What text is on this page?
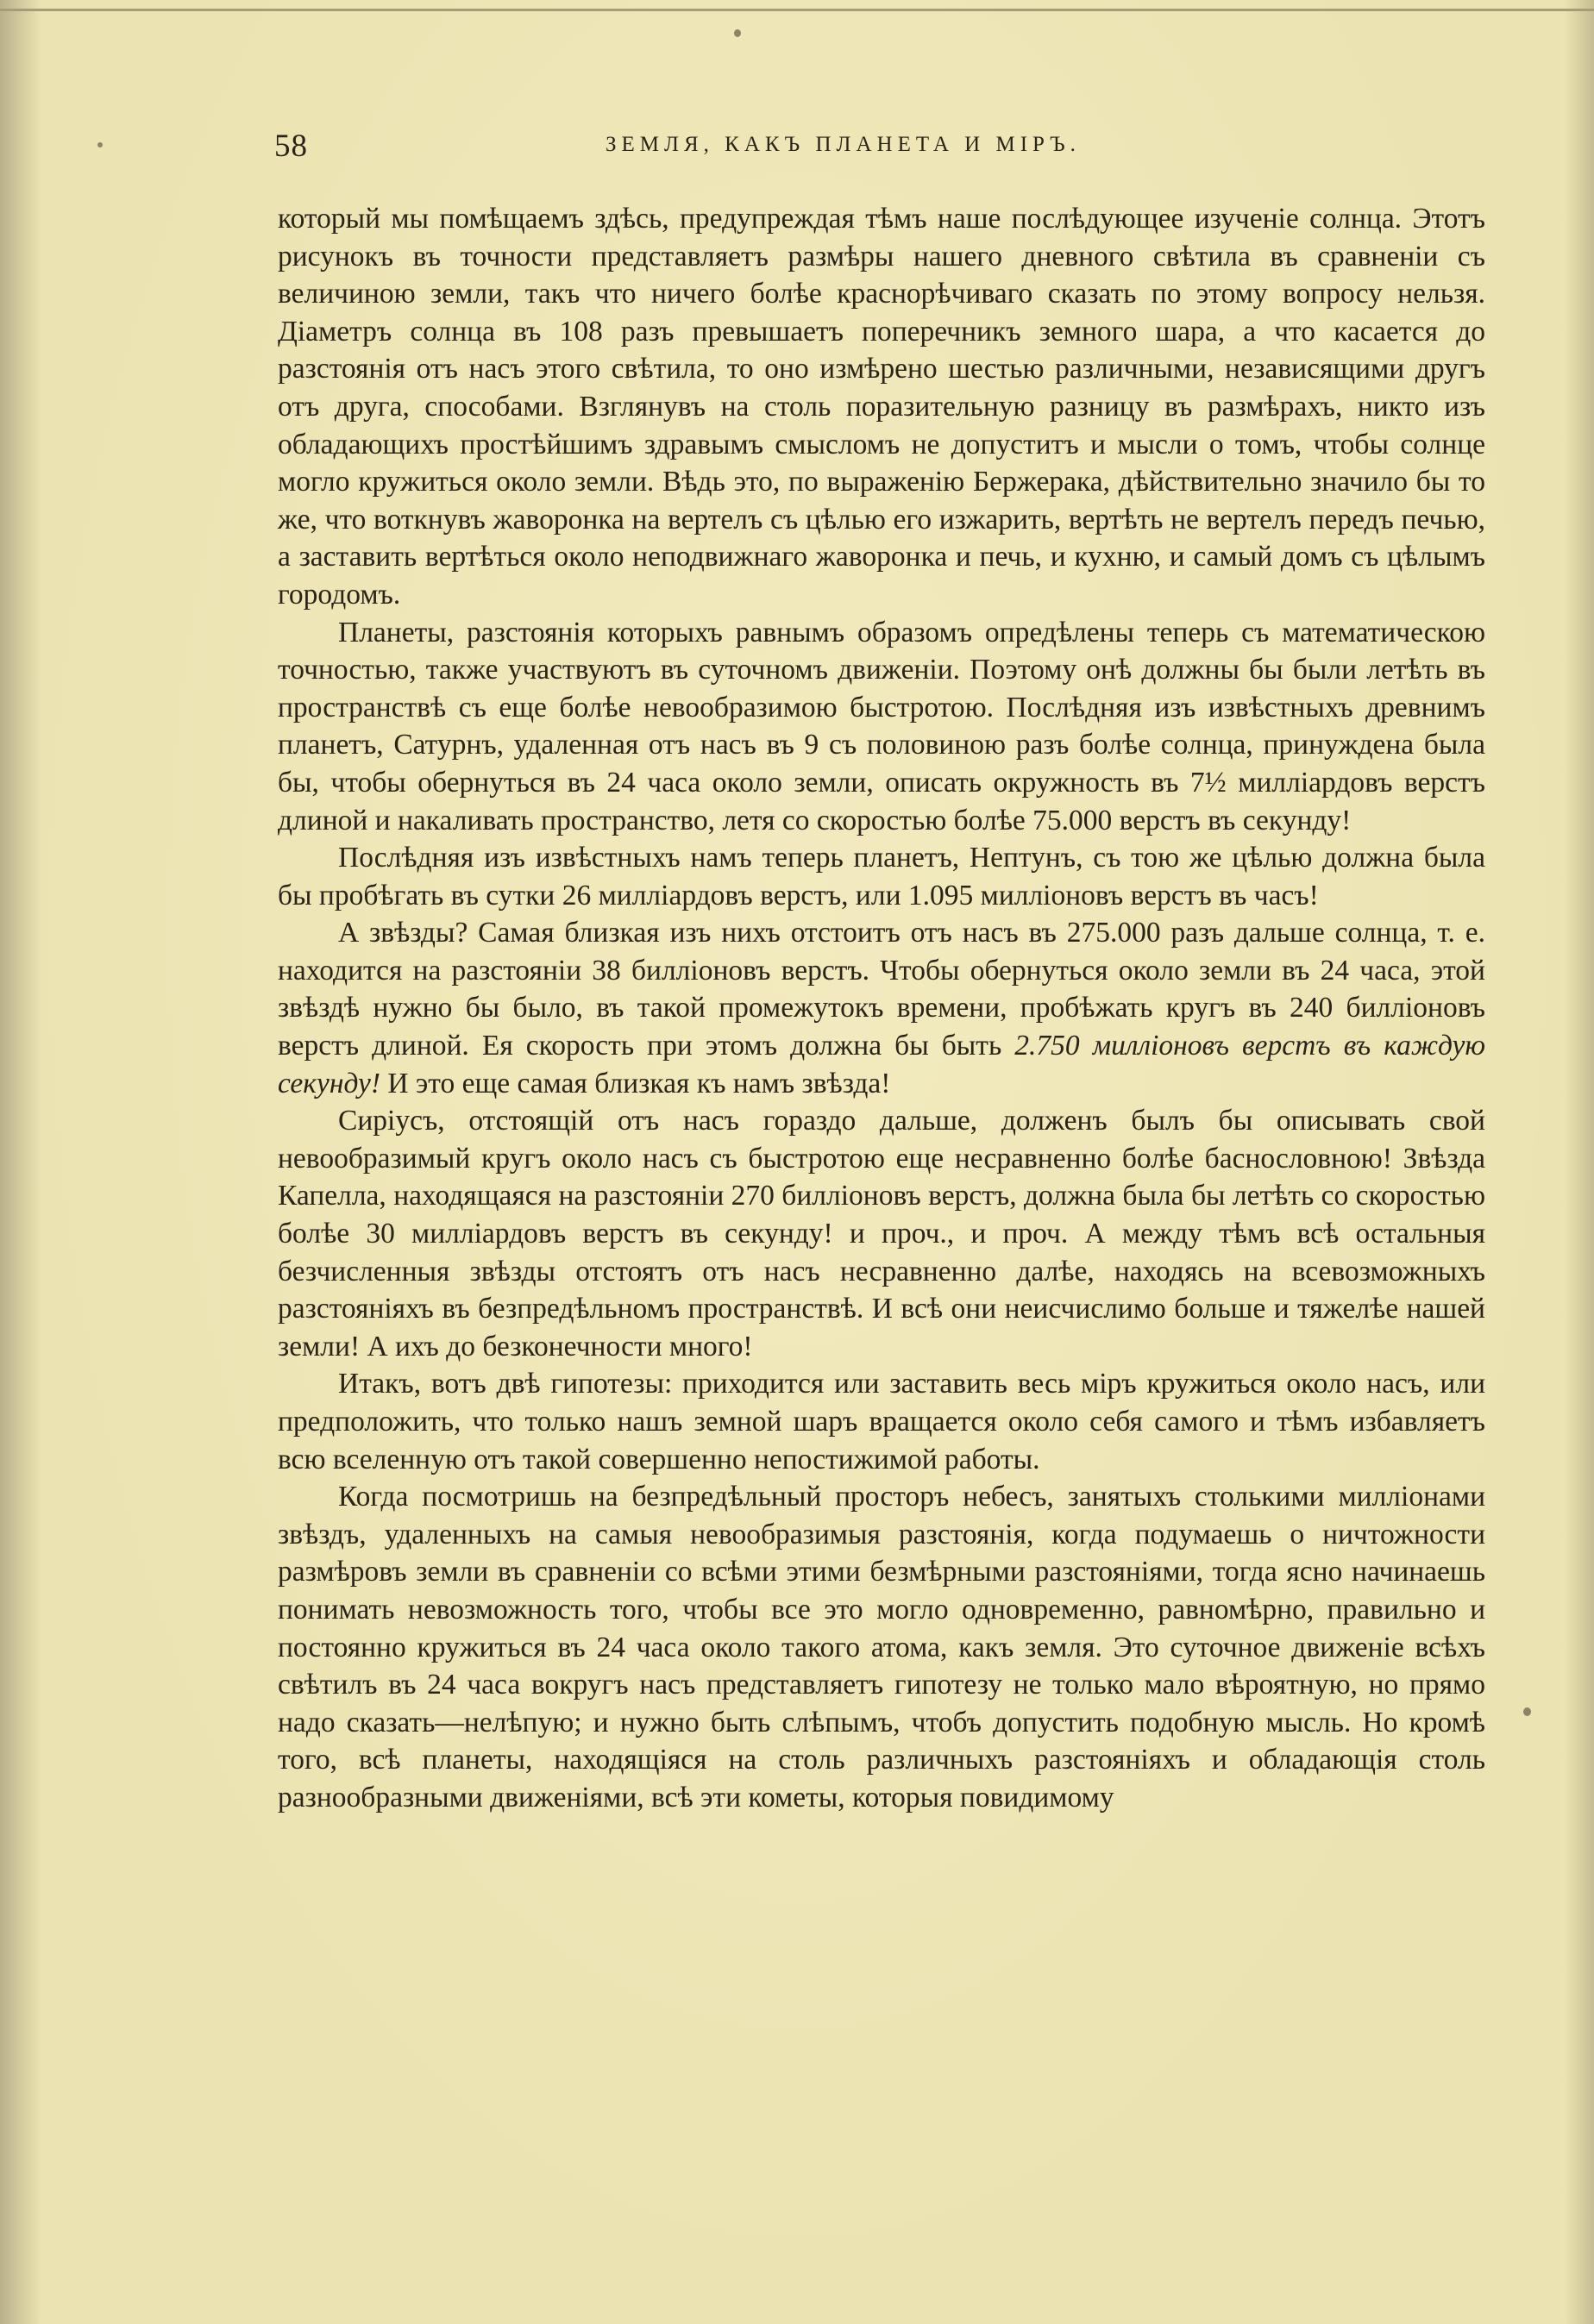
58	ЗЕМЛЯ, КАКЪ ПЛАНЕТА И МІРЪ.

который мы помѣщаемъ здѣсь, предупреждая тѣмъ наше послѣдующее изученіе солнца. Этотъ рисунокъ въ точности представляетъ размѣры нашего дневного свѣтила въ сравненіи съ величиною земли, такъ что ничего болѣе краснорѣчиваго сказать по этому вопросу нельзя. Діаметръ солнца въ 108 разъ превышаетъ поперечникъ земного шара, а что касается до разстоянія отъ насъ этого свѣтила, то оно измѣрено шестью различными, независящими другъ отъ друга, способами. Взглянувъ на столь поразительную разницу въ размѣрахъ, никто изъ обладающихъ простѣйшимъ здравымъ смысломъ не допуститъ и мысли о томъ, чтобы солнце могло кружиться около земли. Вѣдь это, по выраженію Бержерака, дѣйствительно значило бы то же, что воткнувъ жаворонка на вертелъ съ цѣлью его изжарить, вертѣть не вертелъ передъ печью, а заставить вертѣться около неподвижнаго жаворонка и печь, и кухню, и самый домъ съ цѣлымъ городомъ.

Планеты, разстоянія которыхъ равнымъ образомъ опредѣлены теперь съ математическою точностью, также участвуютъ въ суточномъ движеніи. Поэтому онѣ должны бы были летѣть въ пространствѣ съ еще болѣе невообразимою быстротою. Послѣдняя изъ извѣстныхъ древнимъ планетъ, Сатурнъ, удаленная отъ насъ въ 9 съ половиною разъ болѣе солнца, принуждена была бы, чтобы обернуться въ 24 часа около земли, описать окружность въ 7½ милліардовъ верстъ длиной и накаливать пространство, летя со скоростью болѣе 75.000 верстъ въ секунду!

Послѣдняя изъ извѣстныхъ намъ теперь планетъ, Нептунъ, съ тою же цѣлью должна была бы пробѣгать въ сутки 26 милліардовъ верстъ, или 1.095 милліоновъ верстъ въ часъ!

А звѣзды? Самая близкая изъ нихъ отстоитъ отъ насъ въ 275.000 разъ дальше солнца, т. е. находится на разстояніи 38 билліоновъ верстъ. Чтобы обернуться около земли въ 24 часа, этой звѣздѣ нужно бы было, въ такой промежутокъ времени, пробѣжать кругъ въ 240 билліоновъ верстъ длиной. Ея скорость при этомъ должна бы быть 2.750 милліоновъ верстъ въ каждую секунду! И это еще самая близкая къ намъ звѣзда!

Сиріусъ, отстоящій отъ насъ гораздо дальше, долженъ былъ бы описывать свой невообразимый кругъ около насъ съ быстротою еще несравненно болѣе баснословною! Звѣзда Капелла, находящаяся на разстояніи 270 билліоновъ верстъ, должна была бы летѣть со скоростью болѣе 30 милліардовъ верстъ въ секунду! и проч., и проч. А между тѣмъ всѣ остальныя безчисленныя звѣзды отстоятъ отъ насъ несравненно далѣе, находясь на всевозможныхъ разстояніяхъ въ безпредѣльномъ пространствѣ. И всѣ они неисчислимо больше и тяжелѣе нашей земли! А ихъ до безконечности много!

Итакъ, вотъ двѣ гипотезы: приходится или заставить весь міръ кружиться около насъ, или предположить, что только нашъ земной шаръ вращается около себя самого и тѣмъ избавляетъ всю вселенную отъ такой совершенно непостижимой работы.

Когда посмотришь на безпредѣльный просторъ небесъ, занятыхъ столькими милліонами звѣздъ, удаленныхъ на самыя невообразимыя разстоянія, когда подумаешь о ничтожности размѣровъ земли въ сравненіи со всѣми этими безмѣрными разстояніями, тогда ясно начинаешь понимать невозможность того, чтобы все это могло одновременно, равномѣрно, правильно и постоянно кружиться въ 24 часа около такого атома, какъ земля. Это суточное движеніе всѣхъ свѣтилъ въ 24 часа вокругъ насъ представляетъ гипотезу не только мало вѣроятную, но прямо надо сказать—нелѣпую; и нужно быть слѣпымъ, чтобъ допустить подобную мысль. Но кромѣ того, всѣ планеты, находящіяся на столь различныхъ разстояніяхъ и обладающія столь разнообразными движеніями, всѣ эти кометы, которыя повидимому
